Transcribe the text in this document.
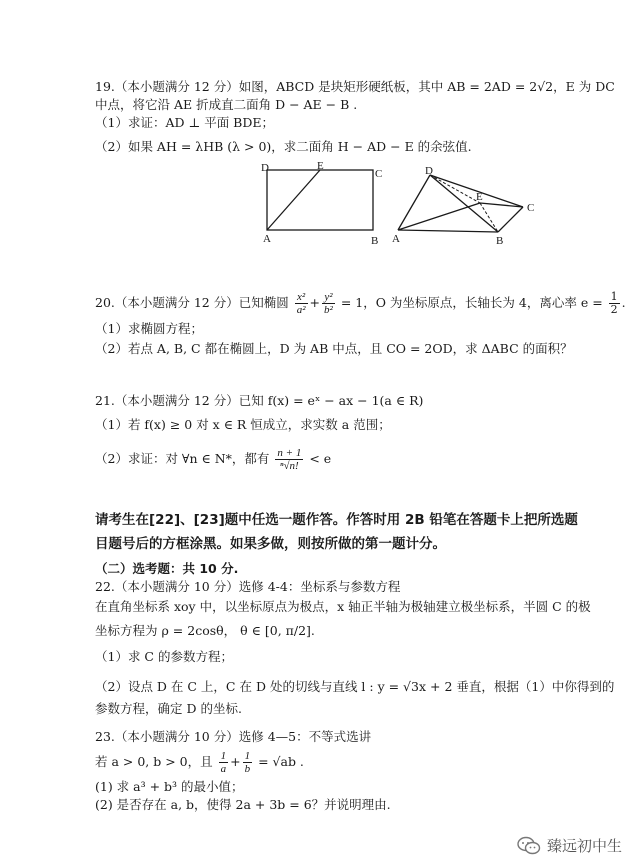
19.（本小题满分 12 分）如图，ABCD 是块矩形硬纸板，其中 AB = 2AD = 2√2，E 为 DC
中点，将它沿 AE 折成直二面角 D − AE − B .
（1）求证：AD ⊥ 平面 BDE；
（2）如果 AH = λHB (λ > 0)，求二面角 H − AD − E 的余弦值.
D	E
C
A	B
D
E
C
A	B
20.（本小题满分 12 分）已知椭圆 $\frac{\text{x²}}{\text{a²}} + \frac{\text{y²}}{\text{b²}} = 1$，O 为坐标原点，长轴长为 4，离心率 $e = \frac{1}{2}$ .
（1）求椭圆方程；
（2）若点 A, B, C 都在椭圆上，D 为 AB 中点，且 CO = 2OD，求 ΔABC 的面积？
21.（本小题满分 12 分）已知 f(x) = eˣ − ax − 1(a ∈ R)
（1）若 f(x) ≥ 0 对 x ∈ R 恒成立，求实数 a 范围；
（2）求证：对 ∀n ∈ N*，都有 $\frac{n + 1}{\text{ⁿ√n!}} < e$
请考生在[22]、[23]题中任选一题作答。作答时用 2B 铅笔在答题卡上把所选题
目题号后的方框涂黑。如果多做，则按所做的第一题计分。
（二）选考题：共 10 分.
22.（本小题满分 10 分）选修 4-4：坐标系与参数方程
在直角坐标系 xoy 中，以坐标原点为极点，x 轴正半轴为极轴建立极坐标系，半圆 C 的极
坐标方程为 ρ = 2cosθ， θ ∈ [0, π/2].
（1）求 C 的参数方程；
（2）设点 D 在 C 上，C 在 D 处的切线与直线 l : y = √3x + 2 垂直，根据（1）中你得到的
参数方程，确定 D 的坐标.
23.（本小题满分 10 分）选修 4—5：不等式选讲
若 a > 0, b > 0，且 $\frac{1}{a} + \frac{1}{b} = √ab$ .
(1) 求 a³ + b³ 的最小值；
(2) 是否存在 a, b，使得 2a + 3b = 6？并说明理由.
臻远初中生
